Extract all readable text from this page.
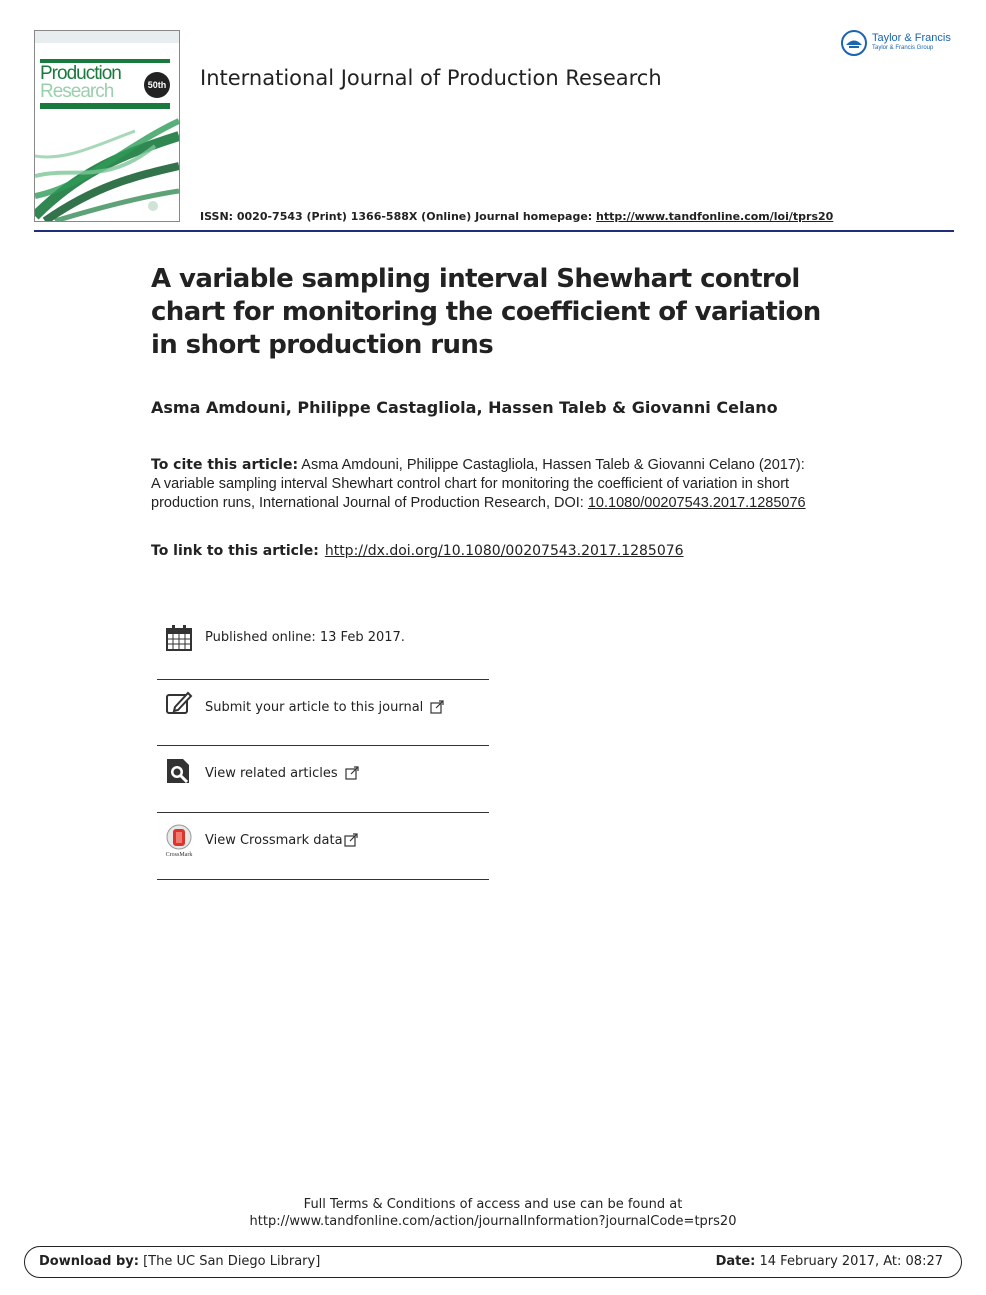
Production
Research	50th
Taylor & Francis
Taylor & Francis Group
International Journal of Production Research
ISSN: 0020-7543 (Print) 1366-588X (Online) Journal homepage: http://www.tandfonline.com/loi/tprs20
A variable sampling interval Shewhart control chart for monitoring the coefficient of variation in short production runs
Asma Amdouni, Philippe Castagliola, Hassen Taleb & Giovanni Celano
To cite this article: Asma Amdouni, Philippe Castagliola, Hassen Taleb & Giovanni Celano (2017): A variable sampling interval Shewhart control chart for monitoring the coefficient of variation in short production runs, International Journal of Production Research, DOI: 10.1080/00207543.2017.1285076
To link to this article: http://dx.doi.org/10.1080/00207543.2017.1285076
Published online: 13 Feb 2017.
Submit your article to this journal
View related articles
CrossMark
View Crossmark data
Full Terms & Conditions of access and use can be found at
http://www.tandfonline.com/action/journalInformation?journalCode=tprs20
Download by: [The UC San Diego Library]	Date: 14 February 2017, At: 08:27
